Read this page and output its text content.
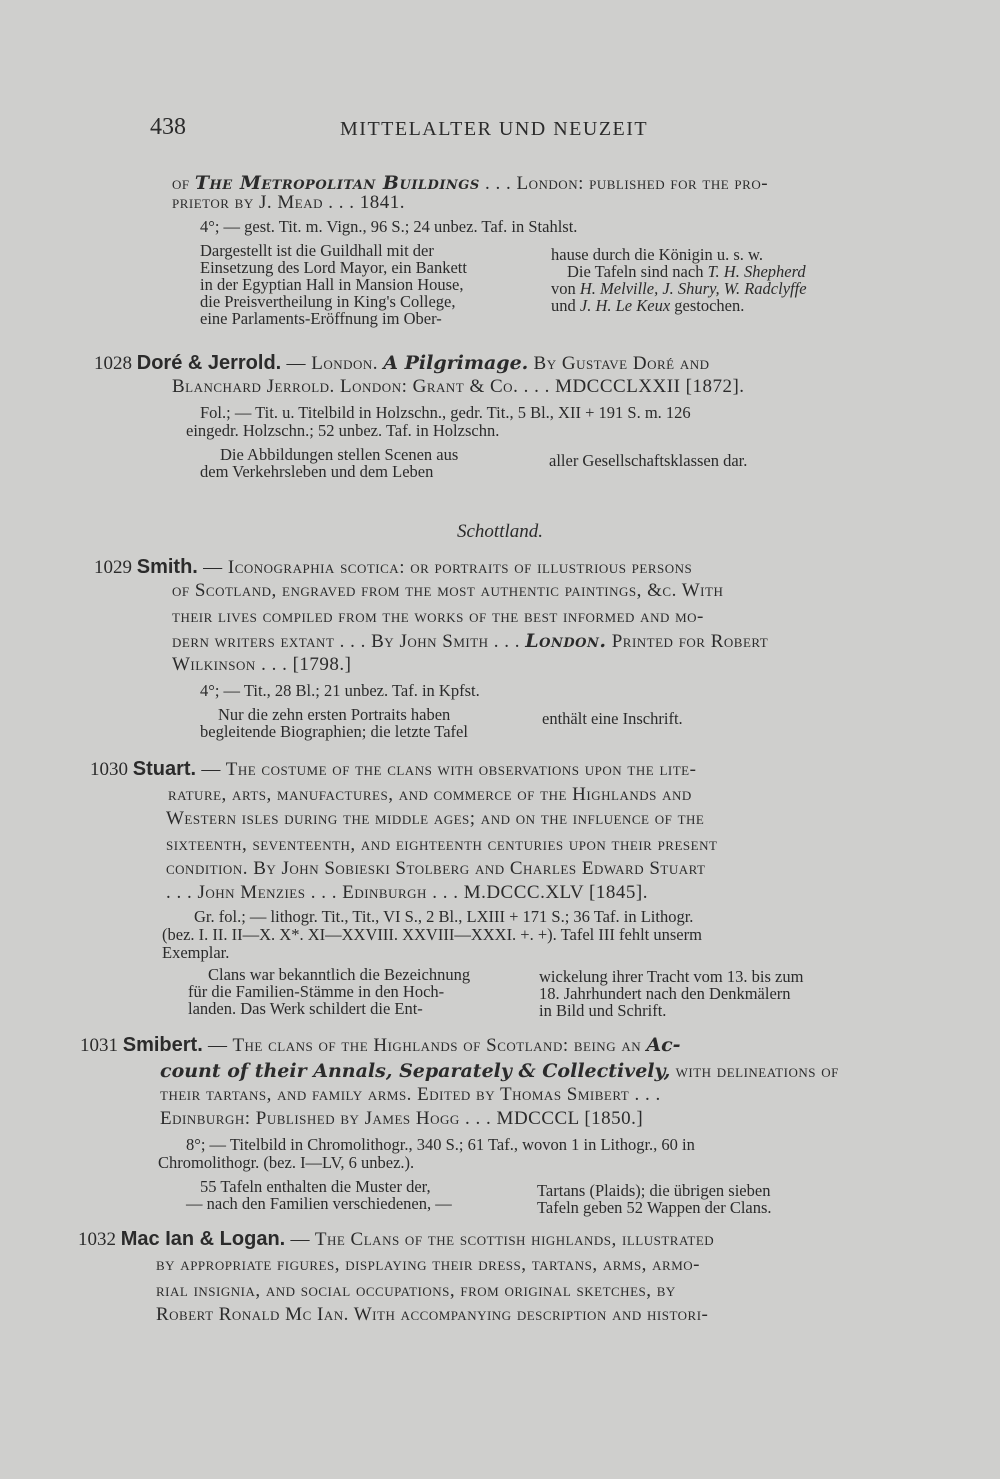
438	MITTELALTER UND NEUZEIT
of The Metropolitan Buildings . . . London: published for the pro-
prietor by J. Mead . . . 1841.
4°; — gest. Tit. m. Vign., 96 S.; 24 unbez. Taf. in Stahlst.
Dargestellt ist die Guildhall mit der
Einsetzung des Lord Mayor, ein Bankett
in der Egyptian Hall in Mansion House,
die Preisvertheilung in King's College,
eine Parlaments-Eröffnung im Ober-
hause durch die Königin u. s. w.
Die Tafeln sind nach T. H. Shepherd
von H. Melville, J. Shury, W. Radclyffe
und J. H. Le Keux gestochen.
1028 Doré & Jerrold. — London. A Pilgrimage. By Gustave Doré and
Blanchard Jerrold. London: Grant & Co. . . . MDCCCLXXII [1872].
Fol.; — Tit. u. Titelbild in Holzschn., gedr. Tit., 5 Bl., XII + 191 S. m. 126
eingedr. Holzschn.; 52 unbez. Taf. in Holzschn.
Die Abbildungen stellen Scenen aus
dem Verkehrsleben und dem Leben
aller Gesellschaftsklassen dar.
Schottland.
1029 Smith. — Iconographia scotica: or portraits of illustrious persons
of Scotland, engraved from the most authentic paintings, &c. With
their lives compiled from the works of the best informed and mo-
dern writers extant . . . By John Smith . . . London. Printed for Robert
Wilkinson . . . [1798.]
4°; — Tit., 28 Bl.; 21 unbez. Taf. in Kpfst.
Nur die zehn ersten Portraits haben
begleitende Biographien; die letzte Tafel
enthält eine Inschrift.
1030 Stuart. — The costume of the clans with observations upon the lite-
rature, arts, manufactures, and commerce of the Highlands and
Western isles during the middle ages; and on the influence of the
sixteenth, seventeenth, and eighteenth centuries upon their present
condition. By John Sobieski Stolberg and Charles Edward Stuart
. . . John Menzies . . . Edinburgh . . . M.DCCC.XLV [1845].
Gr. fol.; — lithogr. Tit., Tit., VI S., 2 Bl., LXIII + 171 S.; 36 Taf. in Lithogr.
(bez. I. II. II—X. X*. XI—XXVIII. XXVIII—XXXI. +. +). Tafel III fehlt unserm
Exemplar.
Clans war bekanntlich die Bezeichnung
für die Familien-Stämme in den Hoch-
landen. Das Werk schildert die Ent-
wickelung ihrer Tracht vom 13. bis zum
18. Jahrhundert nach den Denkmälern
in Bild und Schrift.
1031 Smibert. — The clans of the Highlands of Scotland: being an Ac-
count of their Annals, Separately & Collectively, with delineations of
their tartans, and family arms. Edited by Thomas Smibert . . .
Edinburgh: Published by James Hogg . . . MDCCCL [1850.]
8°; — Titelbild in Chromolithogr., 340 S.; 61 Taf., wovon 1 in Lithogr., 60 in
Chromolithogr. (bez. I—LV, 6 unbez.).
55 Tafeln enthalten die Muster der,
— nach den Familien verschiedenen, —
Tartans (Plaids); die übrigen sieben
Tafeln geben 52 Wappen der Clans.
1032 Mac Ian & Logan. — The Clans of the scottish highlands, illustrated
by appropriate figures, displaying their dress, tartans, arms, armo-
rial insignia, and social occupations, from original sketches, by
Robert Ronald Mc Ian. With accompanying description and histori-
